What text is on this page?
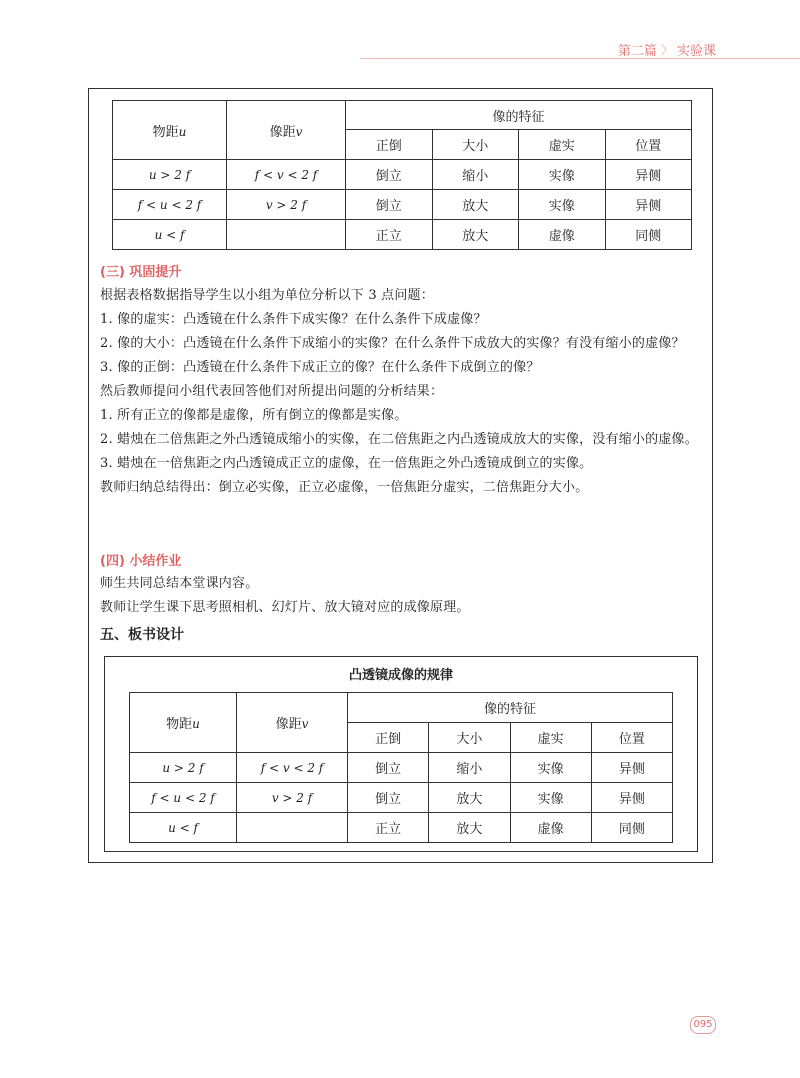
第二篇 〉 实验课
物距u	像距v	像的特征			
		正倒	大小	虚实	位置
u > 2 f	f < v < 2 f	倒立	缩小	实像	异侧
f < u < 2 f	v > 2 f	倒立	放大	实像	异侧
u < f		正立	放大	虚像	同侧
(三) 巩固提升
根据表格数据指导学生以小组为单位分析以下 3 点问题：
1. 像的虚实：凸透镜在什么条件下成实像？在什么条件下成虚像？
2. 像的大小：凸透镜在什么条件下成缩小的实像？在什么条件下成放大的实像？有没有缩小的虚像？
3. 像的正倒：凸透镜在什么条件下成正立的像？在什么条件下成倒立的像？
然后教师提问小组代表回答他们对所提出问题的分析结果：
1. 所有正立的像都是虚像，所有倒立的像都是实像。
2. 蜡烛在二倍焦距之外凸透镜成缩小的实像，在二倍焦距之内凸透镜成放大的实像，没有缩小的虚像。
3. 蜡烛在一倍焦距之内凸透镜成正立的虚像，在一倍焦距之外凸透镜成倒立的实像。
教师归纳总结得出：倒立必实像，正立必虚像，一倍焦距分虚实，二倍焦距分大小。
(四) 小结作业
师生共同总结本堂课内容。
教师让学生课下思考照相机、幻灯片、放大镜对应的成像原理。
五、板书设计
凸透镜成像的规律
物距u	像距v	像的特征			
		正倒	大小	虚实	位置
u > 2 f	f < v < 2 f	倒立	缩小	实像	异侧
f < u < 2 f	v > 2 f	倒立	放大	实像	异侧
u < f		正立	放大	虚像	同侧
095
